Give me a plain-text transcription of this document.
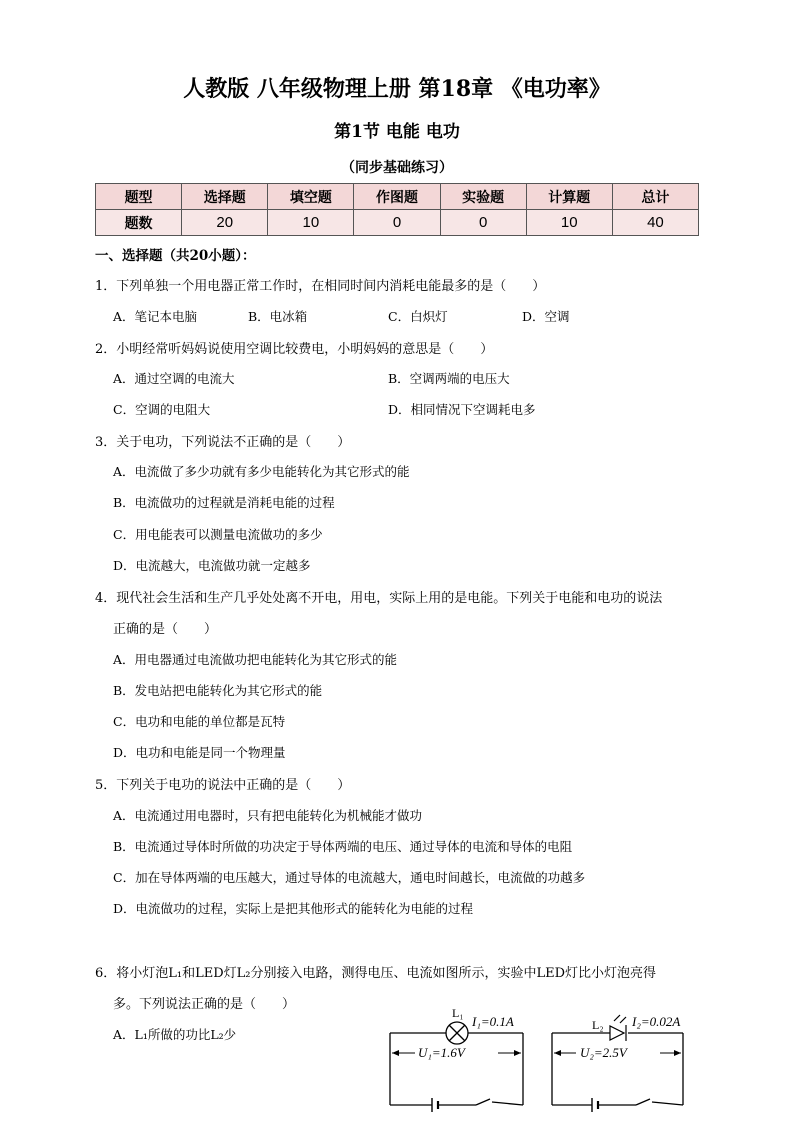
人教版 八年级物理上册 第18章 《电功率》
第1节 电能 电功
（同步基础练习）
题型	选择题	填空题	作图题	实验题	计算题	总计
题数	20	10	0	0	10	40
一、选择题（共20小题）：
1．下列单独一个用电器正常工作时，在相同时间内消耗电能最多的是（　　）
A．笔记本电脑	B．电冰箱	C．白炽灯	D．空调
2．小明经常听妈妈说使用空调比较费电，小明妈妈的意思是（　　）
A．通过空调的电流大	B．空调两端的电压大
C．空调的电阻大	D．相同情况下空调耗电多
3．关于电功，下列说法不正确的是（　　）
A．电流做了多少功就有多少电能转化为其它形式的能
B．电流做功的过程就是消耗电能的过程
C．用电能表可以测量电流做功的多少
D．电流越大，电流做功就一定越多
4．现代社会生活和生产几乎处处离不开电，用电，实际上用的是电能。下列关于电能和电功的说法
正确的是（　　）
A．用电器通过电流做功把电能转化为其它形式的能
B．发电站把电能转化为其它形式的能
C．电功和电能的单位都是瓦特
D．电功和电能是同一个物理量
5．下列关于电功的说法中正确的是（　　）
A．电流通过用电器时，只有把电能转化为机械能才做功
B．电流通过导体时所做的功决定于导体两端的电压、通过导体的电流和导体的电阻
C．加在导体两端的电压越大，通过导体的电流越大，通电时间越长，电流做的功越多
D．电流做功的过程，实际上是把其他形式的能转化为电能的过程
6．将小灯泡L₁和LED灯L₂分别接入电路，测得电压、电流如图所示，实验中LED灯比小灯泡亮得
多。下列说法正确的是（　　）
A．L₁所做的功比L₂少
L₁
I₁=0.1A
U₁=1.6V
L₂ I₂=0.02A
U₂=2.5V
